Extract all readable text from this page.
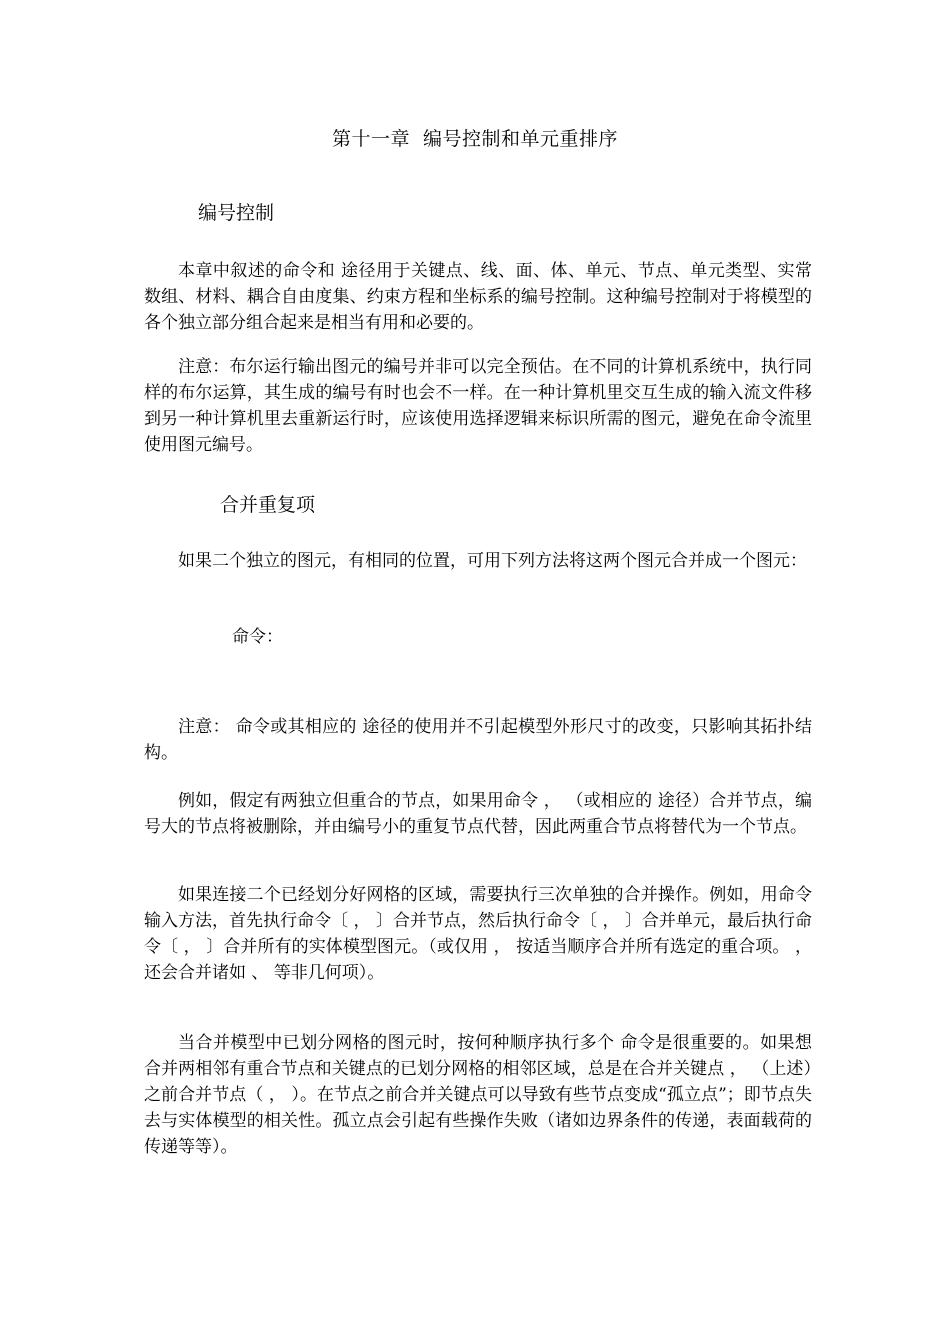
第十一章  编号控制和单元重排序
编号控制

本章中叙述的命令和 途径用于关键点、线、面、体、单元、节点、单元类型、实常数组、材料、耦合自由度集、约束方程和坐标系的编号控制。这种编号控制对于将模型的各个独立部分组合起来是相当有用和必要的。

注意：布尔运行输出图元的编号并非可以完全预估。在不同的计算机系统中，执行同样的布尔运算，其生成的编号有时也会不一样。在一种计算机里交互生成的输入流文件移到另一种计算机里去重新运行时，应该使用选择逻辑来标识所需的图元，避免在命令流里使用图元编号。

合并重复项

如果二个独立的图元，有相同的位置，可用下列方法将这两个图元合并成一个图元：

命令：

注意： 命令或其相应的 途径的使用并不引起模型外形尺寸的改变，只影响其拓扑结构。

例如，假定有两独立但重合的节点，如果用命令 ， （或相应的 途径）合并节点，编号大的节点将被删除，并由编号小的重复节点代替，因此两重合节点将替代为一个节点。

如果连接二个已经划分好网格的区域，需要执行三次单独的合并操作。例如，用命令输入方法，首先执行命令〔 ， 〕合并节点，然后执行命令〔 ， 〕合并单元，最后执行命令〔 ， 〕合并所有的实体模型图元。（或仅用 ， 按适当顺序合并所有选定的重合项。 ， 还会合并诸如 、 等非几何项）。

当合并模型中已划分网格的图元时，按何种顺序执行多个 命令是很重要的。如果想合并两相邻有重合节点和关键点的已划分网格的相邻区域，总是在合并关键点 ， （上述）之前合并节点（ ， ）。在节点之前合并关键点可以导致有些节点变成“孤立点”；即节点失去与实体模型的相关性。孤立点会引起有些操作失败（诸如边界条件的传递，表面载荷的传递等等）。
